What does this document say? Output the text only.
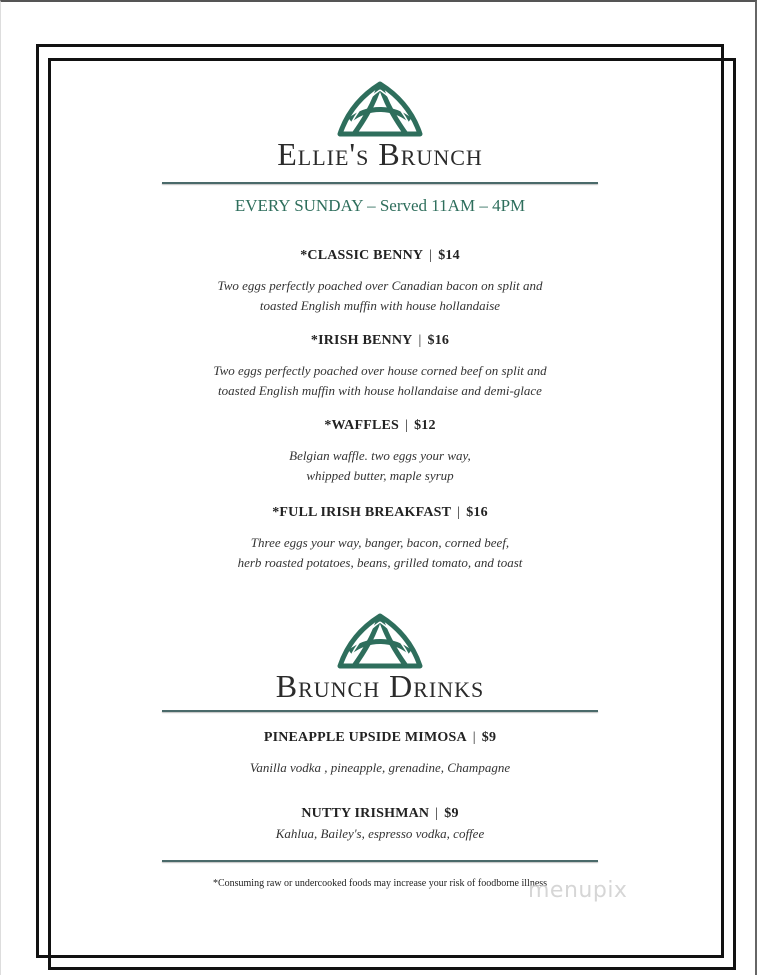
Ellie's Brunch
EVERY SUNDAY – Served 11AM – 4PM
*CLASSIC BENNY | $14
Two eggs perfectly poached over Canadian bacon on split and
toasted English muffin with house hollandaise
*IRISH BENNY | $16
Two eggs perfectly poached over house corned beef on split and
toasted English muffin with house hollandaise and demi-glace
*WAFFLES | $12
Belgian waffle. two eggs your way,
whipped butter, maple syrup
*FULL IRISH BREAKFAST | $16
Three eggs your way, banger, bacon, corned beef,
herb roasted potatoes, beans, grilled tomato, and toast
Brunch Drinks
PINEAPPLE UPSIDE MIMOSA | $9
Vanilla vodka , pineapple, grenadine, Champagne
NUTTY IRISHMAN | $9
Kahlua, Bailey's, espresso vodka, coffee
*Consuming raw or undercooked foods may increase your risk of foodborne illness
menupix
